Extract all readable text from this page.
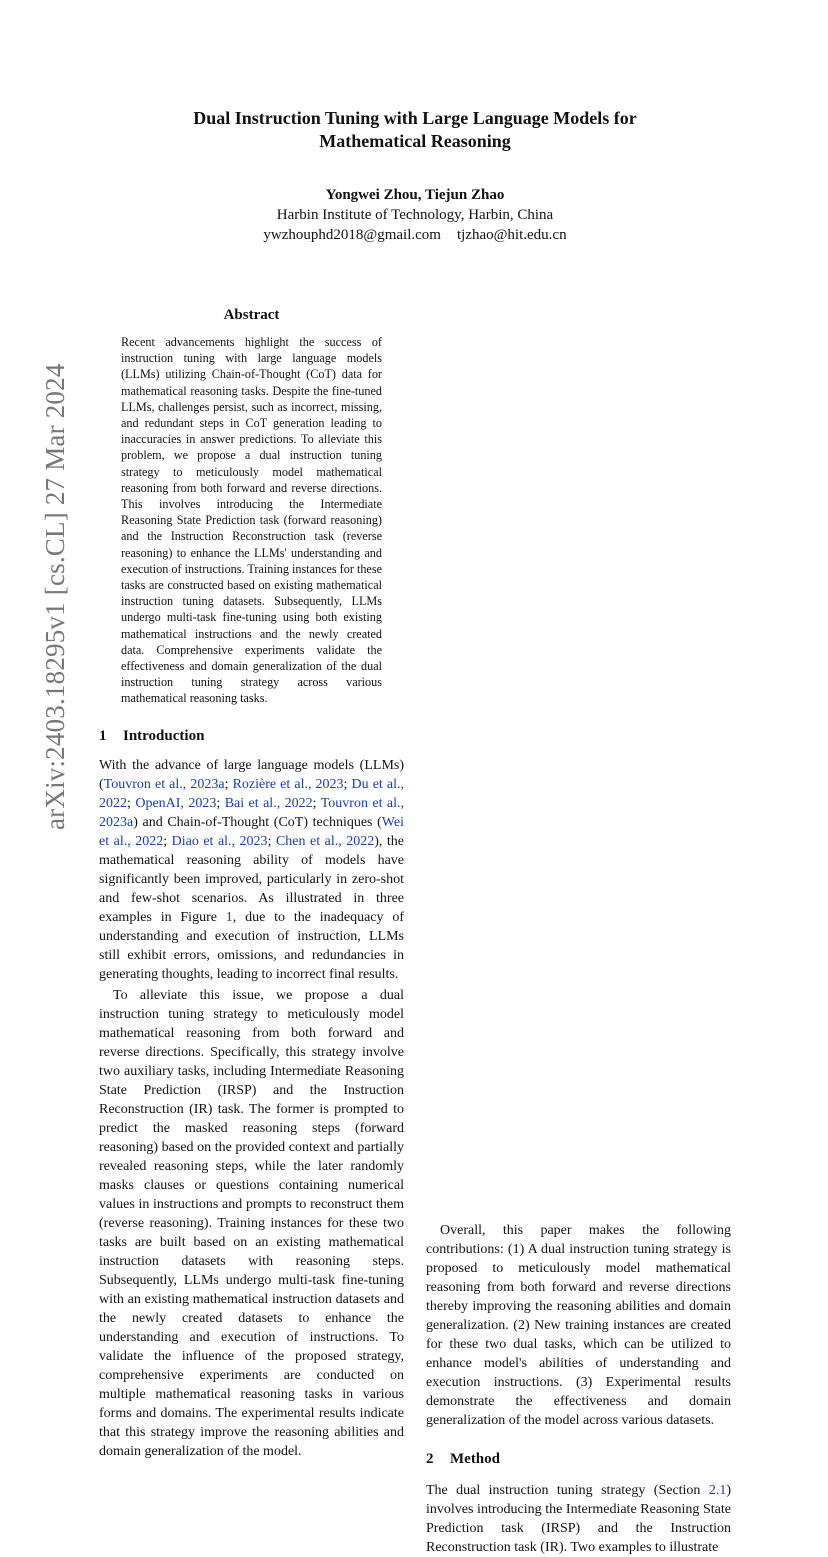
arXiv:2403.18295v1 [cs.CL] 27 Mar 2024
Dual Instruction Tuning with Large Language Models for
Mathematical Reasoning
Yongwei Zhou, Tiejun Zhao
Harbin Institute of Technology, Harbin, China
ywzhouphd2018@gmail.com tjzhao@hit.edu.cn
Abstract

Recent advancements highlight the success of instruction tuning with large language models (LLMs) utilizing Chain-of-Thought (CoT) data for mathematical reasoning tasks. Despite the fine-tuned LLMs, challenges persist, such as incorrect, missing, and redundant steps in CoT generation leading to inaccuracies in answer predictions. To alleviate this problem, we propose a dual instruction tuning strategy to meticulously model mathematical reasoning from both forward and reverse directions. This involves introducing the Intermediate Reasoning State Prediction task (forward reasoning) and the Instruction Reconstruction task (reverse reasoning) to enhance the LLMs' understanding and execution of instructions. Training instances for these tasks are constructed based on existing mathematical instruction tuning datasets. Subsequently, LLMs undergo multi-task fine-tuning using both existing mathematical instructions and the newly created data. Comprehensive experiments validate the effectiveness and domain generalization of the dual instruction tuning strategy across various mathematical reasoning tasks.

1 Introduction

With the advance of large language models (LLMs) (Touvron et al., 2023a; Rozière et al., 2023; Du et al., 2022; OpenAI, 2023; Bai et al., 2022; Touvron et al., 2023a) and Chain-of-Thought (CoT) techniques (Wei et al., 2022; Diao et al., 2023; Chen et al., 2022), the mathematical reasoning ability of models have significantly been improved, particularly in zero-shot and few-shot scenarios. As illustrated in three examples in Figure 1, due to the inadequacy of understanding and execution of instruction, LLMs still exhibit errors, omissions, and redundancies in generating thoughts, leading to incorrect final results.

To alleviate this issue, we propose a dual instruction tuning strategy to meticulously model mathematical reasoning from both forward and reverse directions. Specifically, this strategy involve two auxiliary tasks, including Intermediate Reasoning State Prediction (IRSP) and the Instruction Reconstruction (IR) task. The former is prompted to predict the masked reasoning steps (forward reasoning) based on the provided context and partially revealed reasoning steps, while the later randomly masks clauses or questions containing numerical values in instructions and prompts to reconstruct them (reverse reasoning). Training instances for these two tasks are built based on an existing mathematical instruction datasets with reasoning steps. Subsequently, LLMs undergo multi-task fine-tuning with an existing mathematical instruction datasets and the newly created datasets to enhance the understanding and execution of instructions. To validate the influence of the proposed strategy, comprehensive experiments are conducted on multiple mathematical reasoning tasks in various forms and domains. The experimental results indicate that this strategy improve the reasoning abilities and domain generalization of the model.

Overall, this paper makes the following contributions: (1) A dual instruction tuning strategy is proposed to meticulously model mathematical reasoning from both forward and reverse directions thereby improving the reasoning abilities and domain generalization. (2) New training instances are created for these two dual tasks, which can be utilized to enhance model's abilities of understanding and execution instructions. (3) Experimental results demonstrate the effectiveness and domain generalization of the model across various datasets.

2 Method

The dual instruction tuning strategy (Section 2.1) involves introducing the Intermediate Reasoning State Prediction task (IRSP) and the Instruction Reconstruction task (IR). Two examples to illustrate
